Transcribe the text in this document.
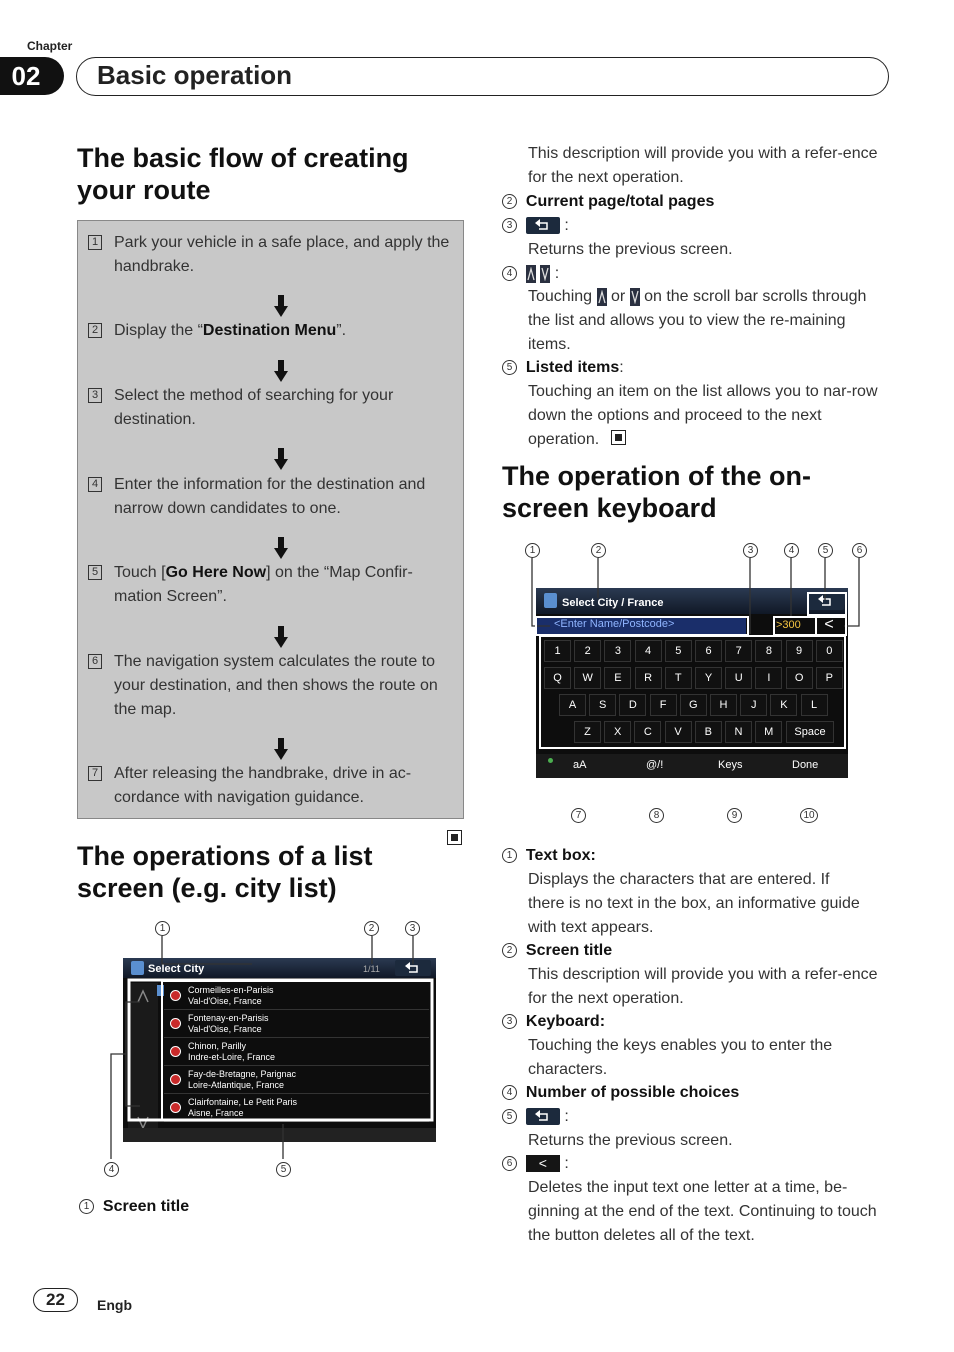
Chapter
02	Basic operation
The basic flow of creating your route
1 Park your vehicle in a safe place, and apply the handbrake.
2 Display the “Destination Menu”.
3 Select the method of searching for your destination.
4 Enter the information for the destination and narrow down candidates to one.
5 Touch [Go Here Now] on the “Map Confir-mation Screen”.
6 The navigation system calculates the route to your destination, and then shows the route on the map.
7 After releasing the handbrake, drive in ac-cordance with navigation guidance.
The operations of a list screen (e.g. city list)
1	2	3
Select City	1/11
Cormeilles-en-Parisis
Val-d'Oise, France
Fontenay-en-Parisis
Val-d'Oise, France
Chinon, Parilly
Indre-et-Loire, France
Fay-de-Bretagne, Parignac
Loire-Atlantique, France
Clairfontaine, Le Petit Paris
Aisne, France
4	5
1 Screen title
This description will provide you with a refer-ence for the next operation.
2 Current page/total pages
3	:
Returns the previous screen.
4

:
Touching or on the scroll bar scrolls through the list and allows you to view the re-maining items.
5 Listed items:
Touching an item on the list allows you to nar-row down the options and proceed to the next operation.
The operation of the on-screen keyboard
1	2	3	4	5	6
Select City / France
<Enter Name/Postcode>	>300	<
aA	@/!	Keys	Done
1	2	3	4	5	6	7	8	9	0
Q	W	E	R	T	Y	U	I	O	P
A	S	D	F	G	H	J	K	L
Z	X	C	V	B	N	M	Space
7	8	9	10
1 Text box:
Displays the characters that are entered. If there is no text in the box, an informative guide with text appears.
2 Screen title
This description will provide you with a refer-ence for the next operation.
3 Keyboard:
Touching the keys enables you to enter the characters.
4 Number of possible choices
5	:
Returns the previous screen.
6 < :
Deletes the input text one letter at a time, be-ginning at the end of the text. Continuing to touch the button deletes all of the text.
22	Engb
